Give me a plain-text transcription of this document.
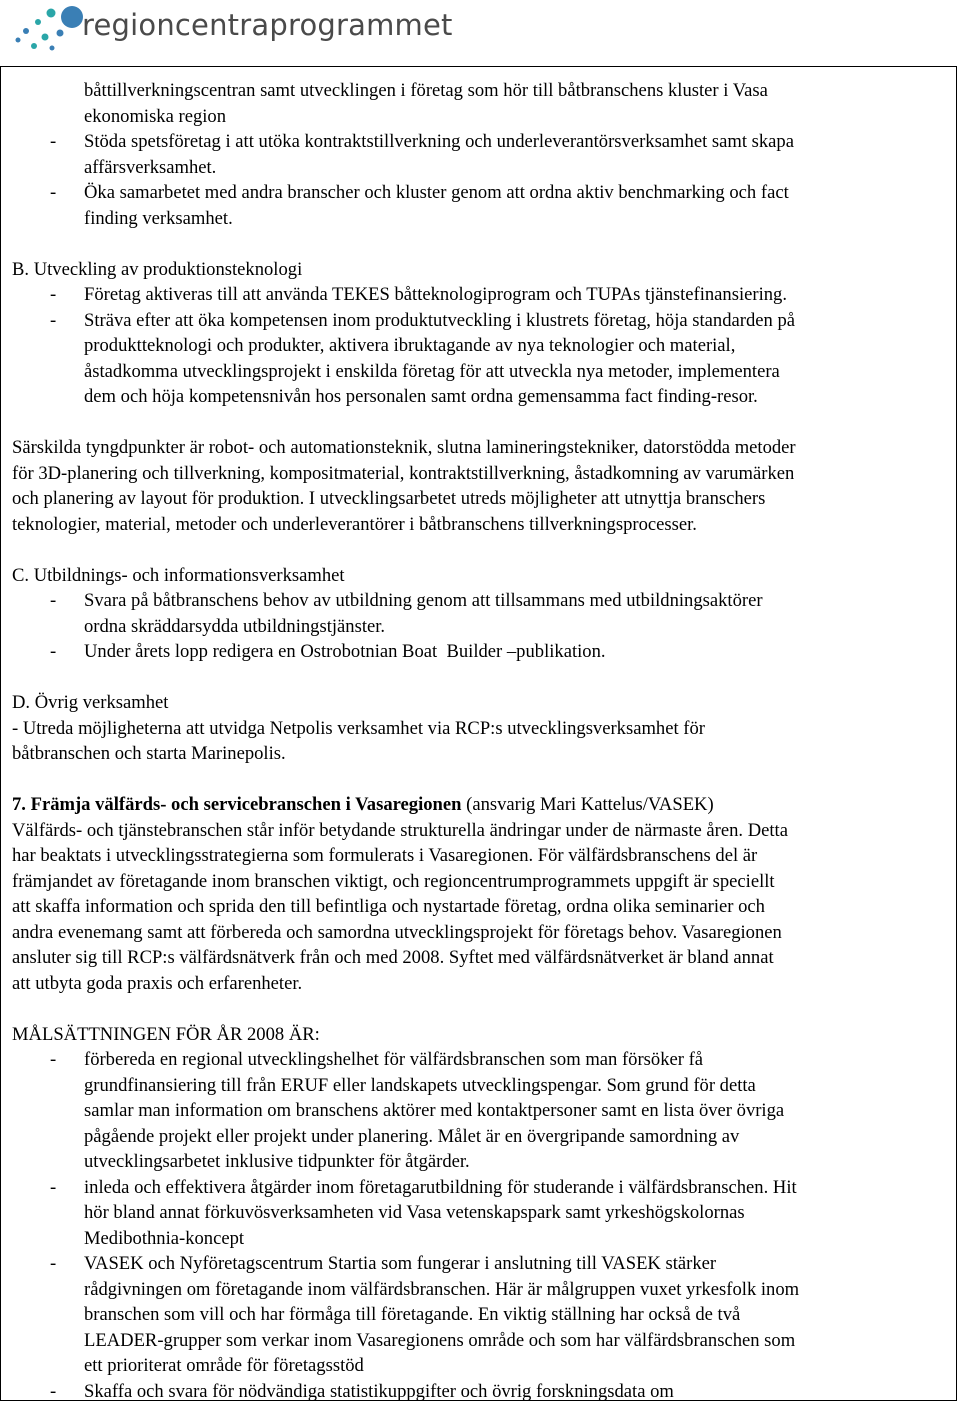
regioncentraprogrammet

båttillverkningscentran samt utvecklingen i företag som hör till båtbranschens kluster i Vasa

ekonomiska region

-	Stöda spetsföretag i att utöka kontraktstillverkning och underleverantörsverksamhet samt skapa
affärsverksamhet.
-	Öka samarbetet med andra branscher och kluster genom att ordna aktiv benchmarking och fact
finding verksamhet.

B. Utveckling av produktionsteknologi

-	Företag aktiveras till att använda TEKES båtteknologiprogram och TUPAs tjänstefinansiering.
-	Sträva efter att öka kompetensen inom produktutveckling i klustrets företag, höja standarden på
produktteknologi och produkter, aktivera ibruktagande av nya teknologier och material,
åstadkomma utvecklingsprojekt i enskilda företag för att utveckla nya metoder, implementera
dem och höja kompetensnivån hos personalen samt ordna gemensamma fact finding-resor.

Särskilda tyngdpunkter är robot- och automationsteknik, slutna lamineringstekniker, datorstödda metoder

för 3D-planering och tillverkning, kompositmaterial, kontraktstillverkning, åstadkomning av varumärken

och planering av layout för produktion. I utvecklingsarbetet utreds möjligheter att utnyttja branschers

teknologier, material, metoder och underleverantörer i båtbranschens tillverkningsprocesser.

C. Utbildnings- och informationsverksamhet

-	Svara på båtbranschens behov av utbildning genom att tillsammans med utbildningsaktörer
ordna skräddarsydda utbildningstjänster.
-	Under årets lopp redigera en Ostrobotnian Boat  Builder –publikation.

D. Övrig verksamhet

- Utreda möjligheterna att utvidga Netpolis verksamhet via RCP:s utvecklingsverksamhet för

båtbranschen och starta Marinepolis.

7. Främja välfärds- och servicebranschen i Vasaregionen (ansvarig Mari Kattelus/VASEK)

Välfärds- och tjänstebranschen står inför betydande strukturella ändringar under de närmaste åren. Detta

har beaktats i utvecklingsstrategierna som formulerats i Vasaregionen. För välfärdsbranschens del är

främjandet av företagande inom branschen viktigt, och regioncentrumprogrammets uppgift är speciellt

att skaffa information och sprida den till befintliga och nystartade företag, ordna olika seminarier och

andra evenemang samt att förbereda och samordna utvecklingsprojekt för företags behov. Vasaregionen

ansluter sig till RCP:s välfärdsnätverk från och med 2008. Syftet med välfärdsnätverket är bland annat

att utbyta goda praxis och erfarenheter.

MÅLSÄTTNINGEN FÖR ÅR 2008 ÄR:

-	förbereda en regional utvecklingshelhet för välfärdsbranschen som man försöker få
grundfinansiering till från ERUF eller landskapets utvecklingspengar. Som grund för detta
samlar man information om branschens aktörer med kontaktpersoner samt en lista över övriga
pågående projekt eller projekt under planering. Målet är en övergripande samordning av
utvecklingsarbetet inklusive tidpunkter för åtgärder.
-	inleda och effektivera åtgärder inom företagarutbildning för studerande i välfärdsbranschen. Hit
hör bland annat förkuvösverksamheten vid Vasa vetenskapspark samt yrkeshögskolornas
Medibothnia-koncept
-	VASEK och Nyföretagscentrum Startia som fungerar i anslutning till VASEK stärker
rådgivningen om företagande inom välfärdsbranschen. Här är målgruppen vuxet yrkesfolk inom
branschen som vill och har förmåga till företagande. En viktig ställning har också de två
LEADER-grupper som verkar inom Vasaregionens område och som har välfärdsbranschen som
ett prioriterat område för företagsstöd
-	Skaffa och svara för nödvändiga statistikuppgifter och övrig forskningsdata om
